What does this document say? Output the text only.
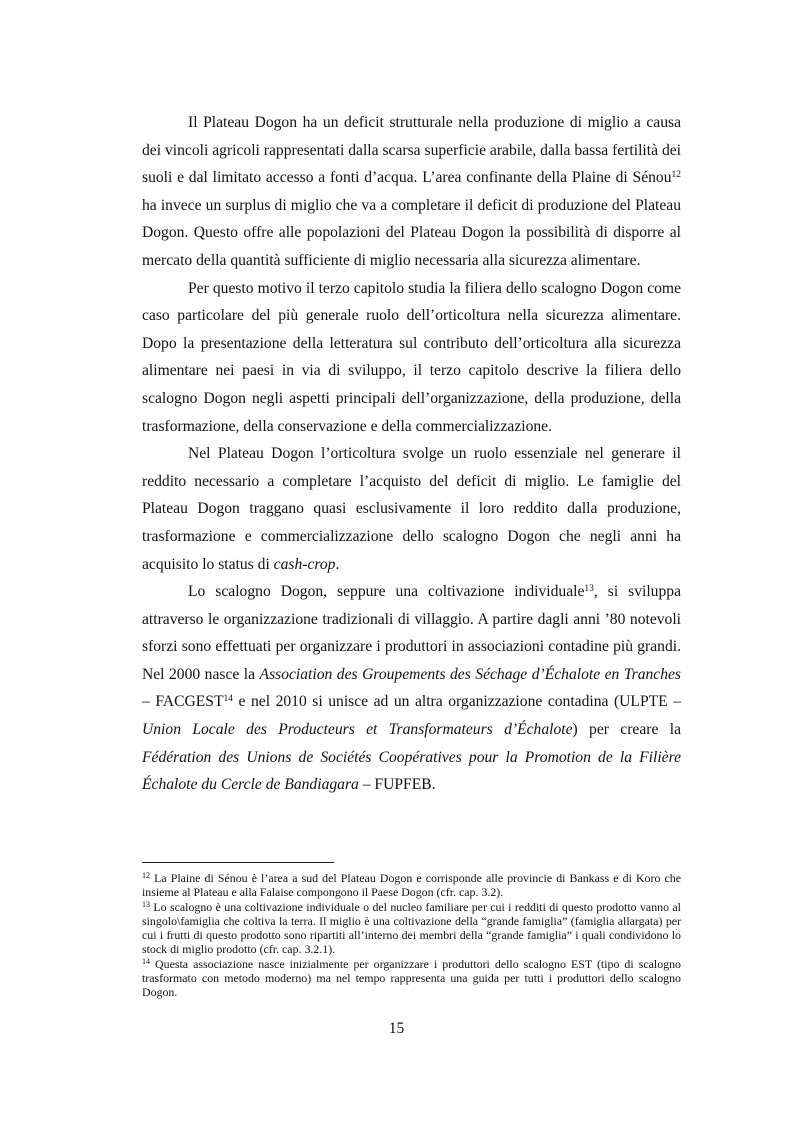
Il Plateau Dogon ha un deficit strutturale nella produzione di miglio a causa dei vincoli agricoli rappresentati dalla scarsa superficie arabile, dalla bassa fertilità dei suoli e dal limitato accesso a fonti d’acqua. L’area confinante della Plaine di Sénou$^{12}$ ha invece un surplus di miglio che va a completare il deficit di produzione del Plateau Dogon. Questo offre alle popolazioni del Plateau Dogon la possibilità di disporre al mercato della quantità sufficiente di miglio necessaria alla sicurezza alimentare.

Per questo motivo il terzo capitolo studia la filiera dello scalogno Dogon come caso particolare del più generale ruolo dell’orticoltura nella sicurezza alimentare. Dopo la presentazione della letteratura sul contributo dell’orticoltura alla sicurezza alimentare nei paesi in via di sviluppo, il terzo capitolo descrive la filiera dello scalogno Dogon negli aspetti principali dell’organizzazione, della produzione, della trasformazione, della conservazione e della commercializzazione.

Nel Plateau Dogon l’orticoltura svolge un ruolo essenziale nel generare il reddito necessario a completare l’acquisto del deficit di miglio. Le famiglie del Plateau Dogon traggano quasi esclusivamente il loro reddito dalla produzione, trasformazione e commercializzazione dello scalogno Dogon che negli anni ha acquisito lo status di cash-crop.

Lo scalogno Dogon, seppure una coltivazione individuale$^{13}$, si sviluppa attraverso le organizzazione tradizionali di villaggio. A partire dagli anni ’80 notevoli sforzi sono effettuati per organizzare i produttori in associazioni contadine più grandi. Nel 2000 nasce la Association des Groupements des Séchage d’Échalote en Tranches – FACGEST$^{14}$ e nel 2010 si unisce ad un altra organizzazione contadina (ULPTE – Union Locale des Producteurs et Transformateurs d’Échalote) per creare la Fédération des Unions de Sociétés Coopératives pour la Promotion de la Filière Échalote du Cercle de Bandiagara – FUPFEB.

$^{12}$ La Plaine di Sénou è l’area a sud del Plateau Dogon e corrisponde alle provincie di Bankass e di Koro che insieme al Plateau e alla Falaise compongono il Paese Dogon (cfr. cap. 3.2).

$^{13}$ Lo scalogno è una coltivazione individuale o del nucleo familiare per cui i redditi di questo prodotto vanno al singolo\famiglia che coltiva la terra. Il miglio è una coltivazione della “grande famiglia” (famiglia allargata) per cui i frutti di questo prodotto sono ripartiti all’interno dei membri della “grande famiglia” i quali condividono lo stock di miglio prodotto (cfr. cap. 3.2.1).

$^{14}$ Questa associazione nasce inizialmente per organizzare i produttori dello scalogno EST (tipo di scalogno trasformato con metodo moderno) ma nel tempo rappresenta una guida per tutti i produttori dello scalogno Dogon.

15
